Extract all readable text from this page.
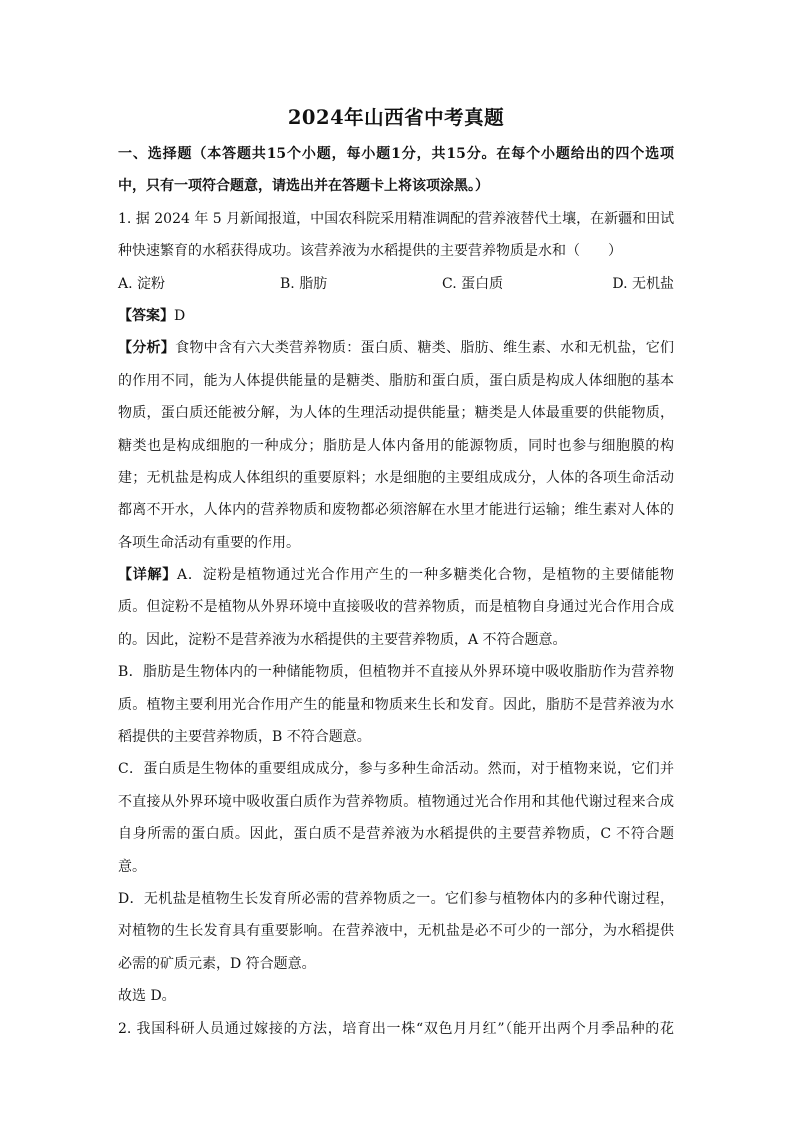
2024年山西省中考真题
一、选择题（本答题共15个小题，每小题1分，共15分。在每个小题给出的四个选项
中，只有一项符合题意，请选出并在答题卡上将该项涂黑。）
1. 据 2024 年 5 月新闻报道，中国农科院采用精准调配的营养液替代土壤，在新疆和田试
种快速繁育的水稻获得成功。该营养液为水稻提供的主要营养物质是水和（　　）
A. 淀粉	B. 脂肪	C. 蛋白质	D. 无机盐
【答案】D
【分析】食物中含有六大类营养物质：蛋白质、糖类、脂肪、维生素、水和无机盐，它们
的作用不同，能为人体提供能量的是糖类、脂肪和蛋白质，蛋白质是构成人体细胞的基本
物质，蛋白质还能被分解，为人体的生理活动提供能量；糖类是人体最重要的供能物质，
糖类也是构成细胞的一种成分；脂肪是人体内备用的能源物质，同时也参与细胞膜的构
建；无机盐是构成人体组织的重要原料；水是细胞的主要组成成分，人体的各项生命活动
都离不开水，人体内的营养物质和废物都必须溶解在水里才能进行运输；维生素对人体的
各项生命活动有重要的作用。
【详解】A．淀粉是植物通过光合作用产生的一种多糖类化合物，是植物的主要储能物
质。但淀粉不是植物从外界环境中直接吸收的营养物质，而是植物自身通过光合作用合成
的。因此，淀粉不是营养液为水稻提供的主要营养物质，A 不符合题意。
B．脂肪是生物体内的一种储能物质，但植物并不直接从外界环境中吸收脂肪作为营养物
质。植物主要利用光合作用产生的能量和物质来生长和发育。因此，脂肪不是营养液为水
稻提供的主要营养物质，B 不符合题意。
C．蛋白质是生物体的重要组成成分，参与多种生命活动。然而，对于植物来说，它们并
不直接从外界环境中吸收蛋白质作为营养物质。植物通过光合作用和其他代谢过程来合成
自身所需的蛋白质。因此，蛋白质不是营养液为水稻提供的主要营养物质，C 不符合题
意。
D．无机盐是植物生长发育所必需的营养物质之一。它们参与植物体内的多种代谢过程，
对植物的生长发育具有重要影响。在营养液中，无机盐是必不可少的一部分，为水稻提供
必需的矿质元素，D 符合题意。
故选 D。
2. 我国科研人员通过嫁接的方法，培育出一株“双色月月红”（能开出两个月季品种的花
